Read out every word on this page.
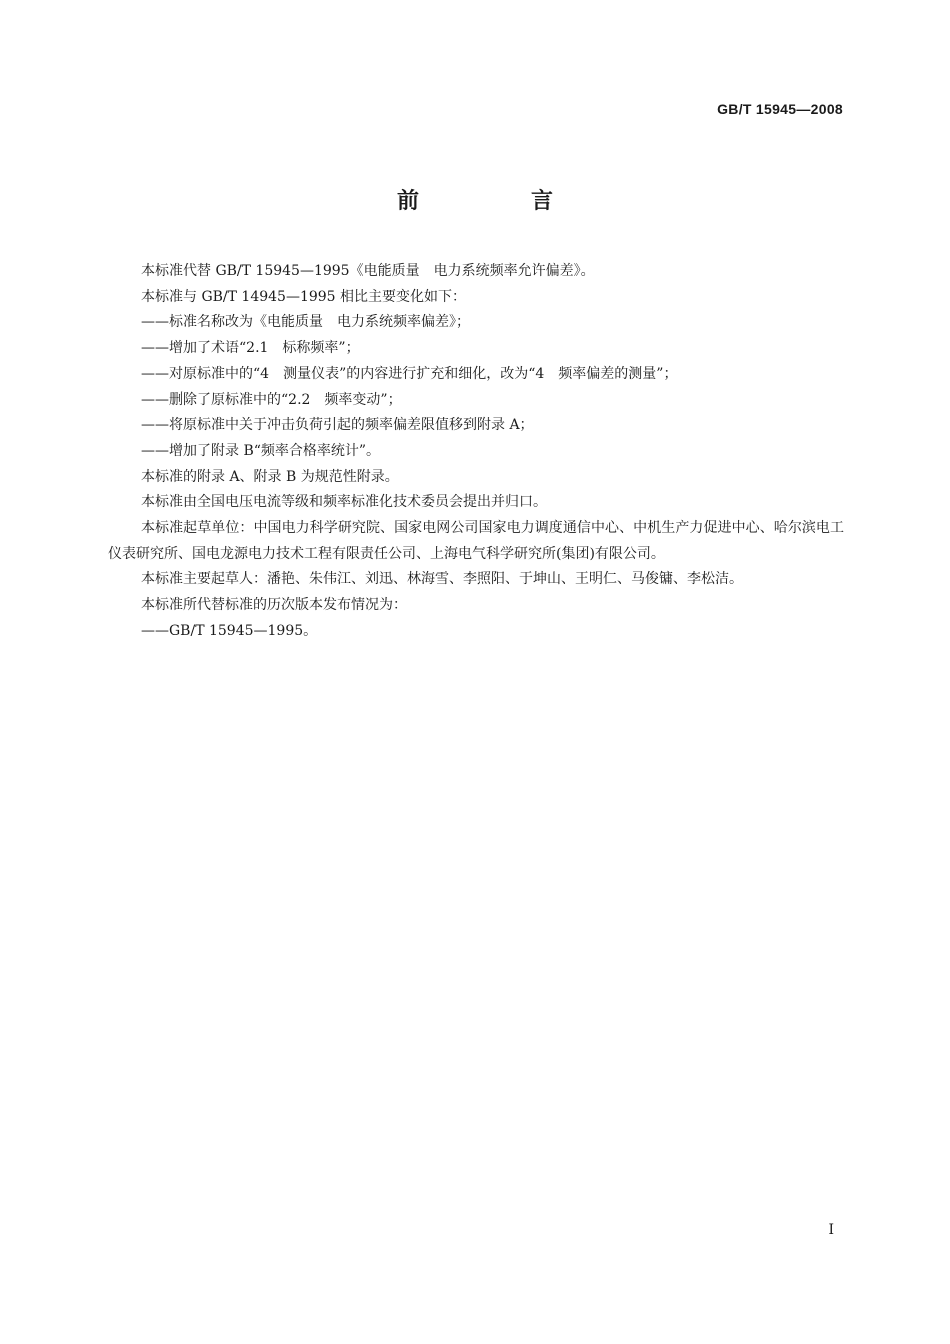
GB/T 15945—2008
前　言

本标准代替 GB/T 15945—1995《电能质量　电力系统频率允许偏差》。

本标准与 GB/T 14945—1995 相比主要变化如下：

——标准名称改为《电能质量　电力系统频率偏差》；

——增加了术语“2.1　标称频率”；

——对原标准中的“4　测量仪表”的内容进行扩充和细化，改为“4　频率偏差的测量”；

——删除了原标准中的“2.2　频率变动”；

——将原标准中关于冲击负荷引起的频率偏差限值移到附录 A；

——增加了附录 B“频率合格率统计”。

本标准的附录 A、附录 B 为规范性附录。

本标准由全国电压电流等级和频率标准化技术委员会提出并归口。

本标准起草单位：中国电力科学研究院、国家电网公司国家电力调度通信中心、中机生产力促进中心、哈尔滨电工仪表研究所、国电龙源电力技术工程有限责任公司、上海电气科学研究所(集团)有限公司。

本标准主要起草人：潘艳、朱伟江、刘迅、林海雪、李照阳、于坤山、王明仁、马俊镛、李松洁。

本标准所代替标准的历次版本发布情况为：

——GB/T 15945—1995。

I
